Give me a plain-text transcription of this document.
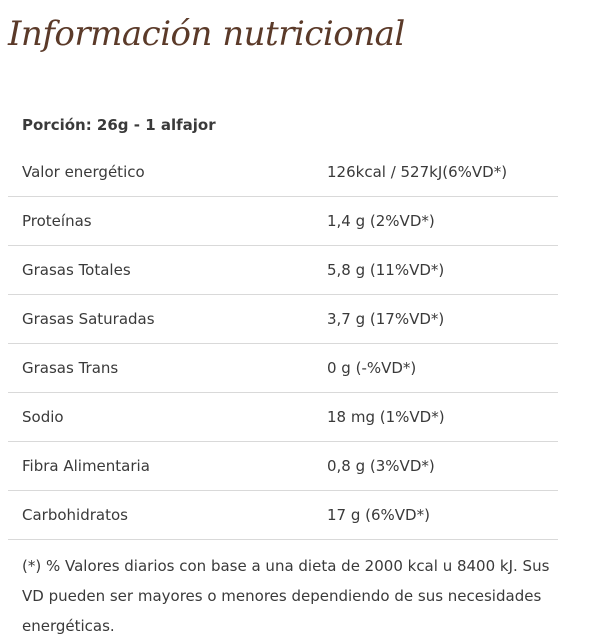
Información nutricional
Porción: 26g - 1 alfajor
Valor energético	126kcal / 527kJ(6%VD*)
Proteínas	1,4 g (2%VD*)
Grasas Totales	5,8 g (11%VD*)
Grasas Saturadas	3,7 g (17%VD*)
Grasas Trans	0 g (-%VD*)
Sodio	18 mg (1%VD*)
Fibra Alimentaria	0,8 g (3%VD*)
Carbohidratos	17 g (6%VD*)

(*) % Valores diarios con base a una dieta de 2000 kcal u 8400 kJ. Sus VD pueden ser mayores o menores dependiendo de sus necesidades energéticas.
